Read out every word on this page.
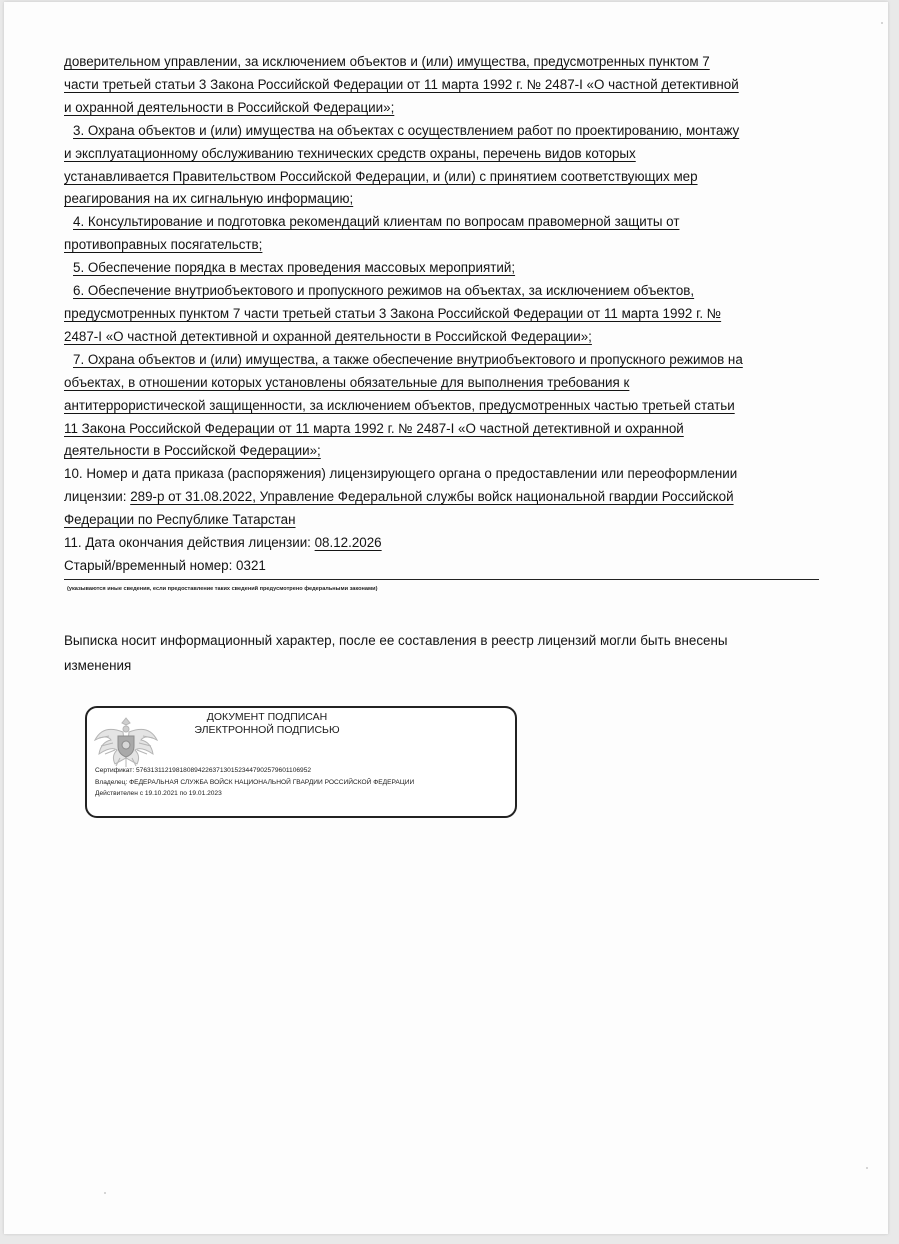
доверительном управлении, за исключением объектов и (или) имущества, предусмотренных пунктом 7
части третьей статьи 3 Закона Российской Федерации от 11 марта 1992 г. № 2487-I «О частной детективной
и охранной деятельности в Российской Федерации»;
3. Охрана объектов и (или) имущества на объектах с осуществлением работ по проектированию, монтажу
и эксплуатационному обслуживанию технических средств охраны, перечень видов которых
устанавливается Правительством Российской Федерации, и (или) с принятием соответствующих мер
реагирования на их сигнальную информацию;
4. Консультирование и подготовка рекомендаций клиентам по вопросам правомерной защиты от
противоправных посягательств;
5. Обеспечение порядка в местах проведения массовых мероприятий;
6. Обеспечение внутриобъектового и пропускного режимов на объектах, за исключением объектов,
предусмотренных пунктом 7 части третьей статьи 3 Закона Российской Федерации от 11 марта 1992 г. №
2487-I «О частной детективной и охранной деятельности в Российской Федерации»;
7. Охрана объектов и (или) имущества, а также обеспечение внутриобъектового и пропускного режимов на
объектах, в отношении которых установлены обязательные для выполнения требования к
антитеррористической защищенности, за исключением объектов, предусмотренных частью третьей статьи
11 Закона Российской Федерации от 11 марта 1992 г. № 2487-I «О частной детективной и охранной
деятельности в Российской Федерации»;
10. Номер и дата приказа (распоряжения) лицензирующего органа о предоставлении или переоформлении
лицензии: 289-р от 31.08.2022, Управление Федеральной службы войск национальной гвардии Российской
Федерации по Республике Татарстан
11. Дата окончания действия лицензии: 08.12.2026
Старый/временный номер: 0321
(указываются иные сведения, если предоставление таких сведений предусмотрено федеральными законами)
Выписка носит информационный характер, после ее составления в реестр лицензий могли быть внесены
изменения
ДОКУМЕНТ ПОДПИСАН
ЭЛЕКТРОННОЙ ПОДПИСЬЮ
Сертификат: 576313112198180894226371301523447902579601106952
Владелец: ФЕДЕРАЛЬНАЯ СЛУЖБА ВОЙСК НАЦИОНАЛЬНОЙ ГВАРДИИ РОССИЙСКОЙ ФЕДЕРАЦИИ
Действителен с 19.10.2021 по 19.01.2023
